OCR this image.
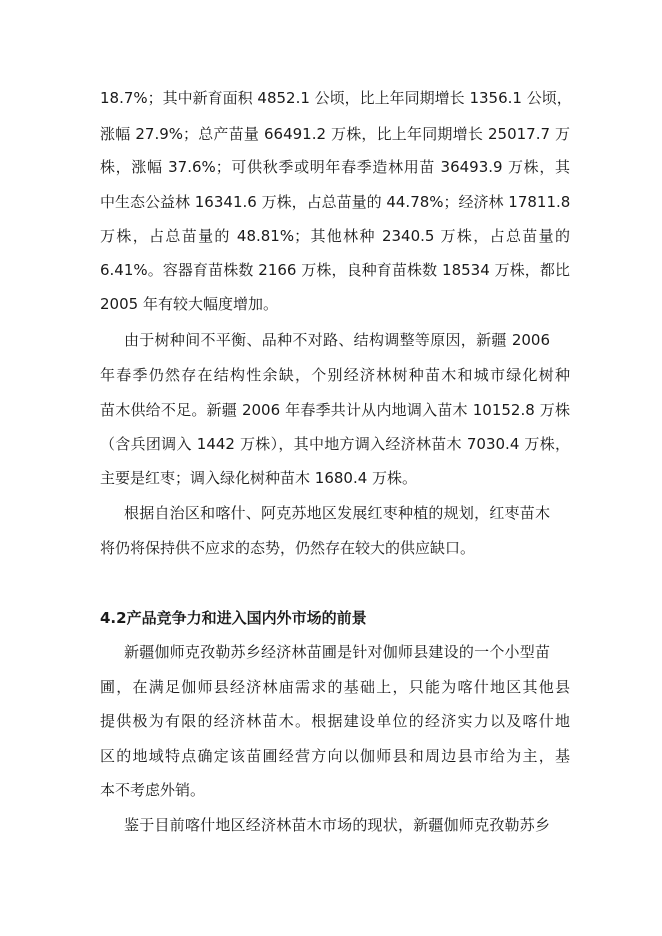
18.7%；其中新育面积 4852.1 公顷，比上年同期增长 1356.1 公顷，
涨幅 27.9%；总产苗量 66491.2 万株，比上年同期增长 25017.7 万
株，涨幅 37.6%；可供秋季或明年春季造林用苗 36493.9 万株，其
中生态公益林 16341.6 万株，占总苗量的 44.78%；经济林 17811.8
万株，占总苗量的 48.81%；其他林种 2340.5 万株，占总苗量的
6.41%。容器育苗株数 2166 万株，良种育苗株数 18534 万株，都比
2005 年有较大幅度增加。
由于树种间不平衡、品种不对路、结构调整等原因，新疆 2006
年春季仍然存在结构性余缺，个别经济林树种苗木和城市绿化树种
苗木供给不足。新疆 2006 年春季共计从内地调入苗木 10152.8 万株
（含兵团调入 1442 万株），其中地方调入经济林苗木 7030.4 万株，
主要是红枣；调入绿化树种苗木 1680.4 万株。
根据自治区和喀什、阿克苏地区发展红枣种植的规划，红枣苗木
将仍将保持供不应求的态势，仍然存在较大的供应缺口。
4.2产品竞争力和进入国内外市场的前景
新疆伽师克孜勒苏乡经济林苗圃是针对伽师县建设的一个小型苗
圃，在满足伽师县经济林庙需求的基础上，只能为喀什地区其他县
提供极为有限的经济林苗木。根据建设单位的经济实力以及喀什地
区的地域特点确定该苗圃经营方向以伽师县和周边县市给为主，基
本不考虑外销。
鉴于目前喀什地区经济林苗木市场的现状，新疆伽师克孜勒苏乡
